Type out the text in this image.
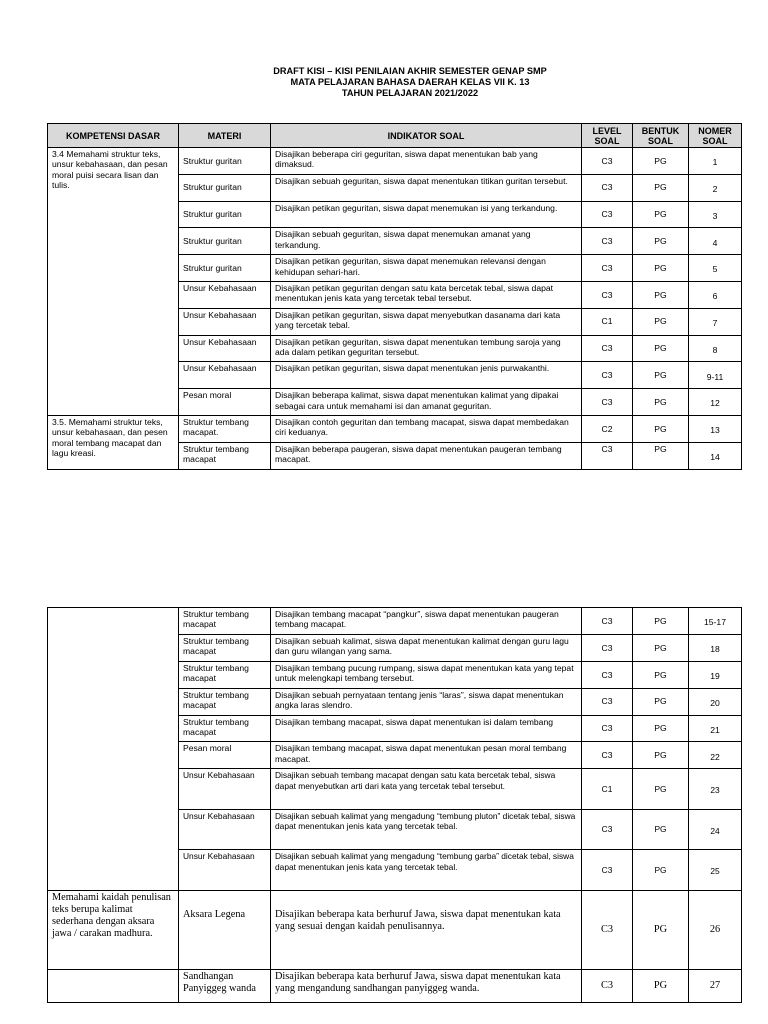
DRAFT KISI – KISI PENILAIAN AKHIR SEMESTER GENAP SMP
MATA PELAJARAN BAHASA DAERAH KELAS VII K. 13
TAHUN PELAJARAN 2021/2022
KOMPETENSI DASAR	MATERI	INDIKATOR SOAL	LEVEL SOAL	BENTUK SOAL	NOMER SOAL
3.4 Memahami struktur teks, unsur kebahasaan, dan pesan moral puisi secara lisan dan tulis.	Struktur guritan	Disajikan beberapa ciri geguritan, siswa dapat menentukan bab yang dimaksud.	C3	PG	1
	Struktur guritan	Disajikan sebuah geguritan, siswa dapat menentukan titikan guritan tersebut.	C3	PG	2
	Struktur guritan	Disajikan petikan geguritan, siswa dapat menemukan isi yang terkandung.	C3	PG	3
	Struktur guritan	Disajikan sebuah geguritan, siswa dapat menemukan amanat yang terkandung.	C3	PG	4
	Struktur guritan	Disajikan petikan geguritan, siswa dapat menemukan relevansi dengan kehidupan sehari-hari.	C3	PG	5
	Unsur Kebahasaan	Disajikan petikan geguritan dengan satu kata bercetak tebal, siswa dapat menentukan jenis kata yang tercetak tebal tersebut.	C3	PG	6
	Unsur Kebahasaan	Disajikan petikan geguritan, siswa dapat menyebutkan dasanama dari kata yang tercetak tebal.	C1	PG	7
	Unsur Kebahasaan	Disajikan petikan geguritan, siswa dapat menentukan tembung saroja yang ada dalam petikan geguritan tersebut.	C3	PG	8
	Unsur Kebahasaan	Disajikan petikan geguritan, siswa dapat menentukan jenis purwakanthi.	C3	PG	9-11
	Pesan moral	Disajikan beberapa kalimat, siswa dapat menentukan kalimat yang dipakai sebagai cara untuk memahami isi dan amanat geguritan.	C3	PG	12
3.5. Memahami struktur teks, unsur kebahasaan, dan pesen moral tembang macapat dan lagu kreasi.	Struktur tembang macapat.	Disajikan contoh geguritan dan tembang macapat, siswa dapat membedakan ciri keduanya.	C2	PG	13
	Struktur tembang macapat	Disajikan beberapa paugeran, siswa dapat menentukan paugeran tembang macapat.	C3	PG	14
	Struktur tembang macapat	Disajikan tembang macapat “pangkur”, siswa dapat menentukan paugeran tembang macapat.	C3	PG	15-17
	Struktur tembang macapat	Disajikan sebuah kalimat, siswa dapat menentukan kalimat dengan guru lagu dan guru wilangan yang sama.	C3	PG	18
	Struktur tembang macapat	Disajikan tembang pucung rumpang, siswa dapat menentukan kata yang tepat untuk melengkapi tembang tersebut.	C3	PG	19
	Struktur tembang macapat	Disajikan sebuah pernyataan tentang jenis “laras”, siswa dapat menentukan angka laras slendro.	C3	PG	20
	Struktur tembang macapat	Disajikan tembang macapat, siswa dapat menentukan isi dalam tembang	C3	PG	21
	Pesan moral	Disajikan tembang macapat, siswa dapat menentukan pesan moral tembang macapat.	C3	PG	22
	Unsur Kebahasaan	Disajikan sebuah tembang macapat dengan satu kata bercetak tebal, siswa dapat menyebutkan arti dari kata yang tercetak tebal tersebut.	C1	PG	23
	Unsur Kebahasaan	Disajikan sebuah kalimat yang mengadung “tembung pluton” dicetak tebal, siswa dapat menentukan jenis kata yang tercetak tebal.	C3	PG	24
	Unsur Kebahasaan	Disajikan sebuah kalimat yang mengadung “tembung garba” dicetak tebal, siswa dapat menentukan jenis kata yang tercetak tebal.	C3	PG	25
Memahami kaidah penulisan teks berupa kalimat sederhana dengan aksara jawa / carakan madhura.	Aksara Legena	Disajikan beberapa kata berhuruf Jawa, siswa dapat menentukan kata yang sesuai dengan kaidah penulisannya.	C3	PG	26
	Sandhangan Panyiggeg wanda	Disajikan beberapa kata berhuruf Jawa, siswa dapat menentukan kata yang mengandung sandhangan panyiggeg wanda.	C3	PG	27
